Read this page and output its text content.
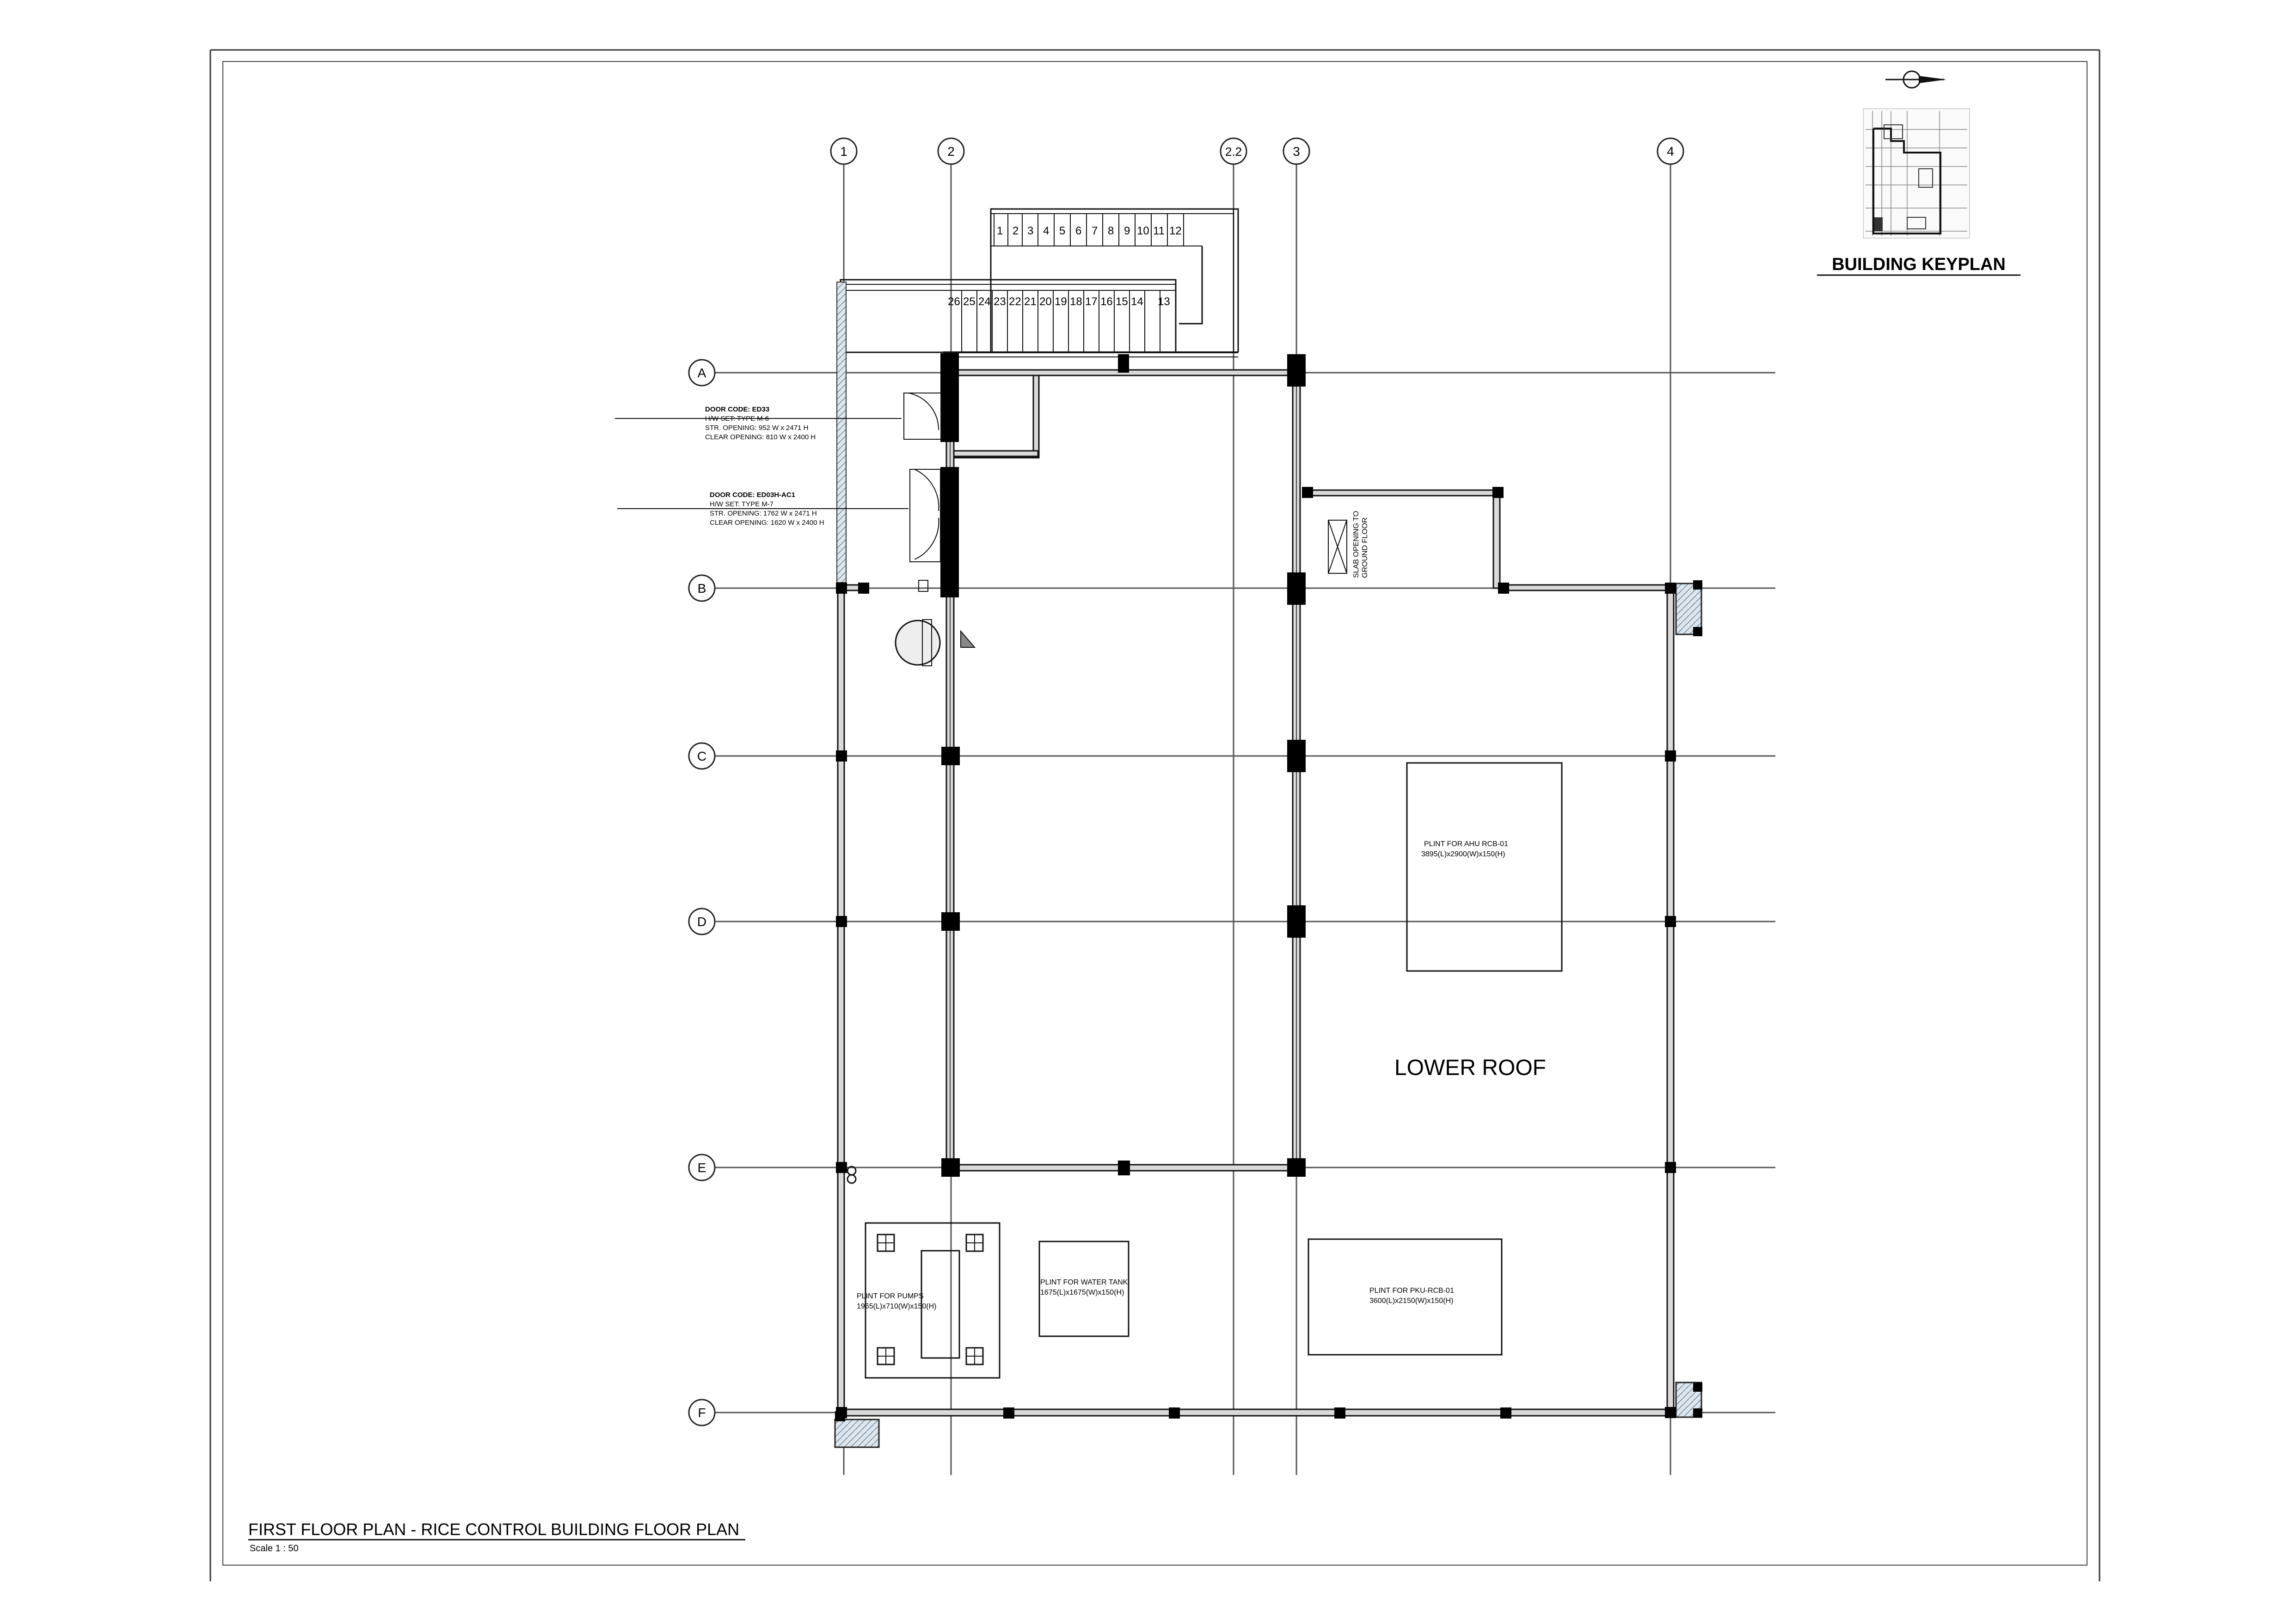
1	2	2.2	3	4
A
B
C
D
E
F
1 2 3 4 5 6 7 8 9 10 11 12
26 25 24 23 22 21 20 19 18 17 16 15 14 13
DOOR CODE: ED33
H/W SET: TYPE M-6
STR. OPENING: 952 W x 2471 H
CLEAR OPENING: 810 W x 2400 H
DOOR CODE: ED03H-AC1
H/W SET: TYPE M-7
STR. OPENING: 1762 W x 2471 H
CLEAR OPENING: 1620 W x 2400 H	SLAB OPENING TO GROUND FLOOR
LOWER ROOF
PLINT FOR AHU RCB-01
3895(L)x2900(W)x150(H)
PLINT FOR PUMPS
1965(L)x710(W)x150(H)
PLINT FOR WATER TANK
1675(L)x1675(W)x150(H)	PLINT FOR PKU-RCB-01
3600(L)x2150(W)x150(H)
BUILDING KEYPLAN
FIRST FLOOR PLAN - RICE CONTROL BUILDING FLOOR PLAN
Scale 1 : 50
